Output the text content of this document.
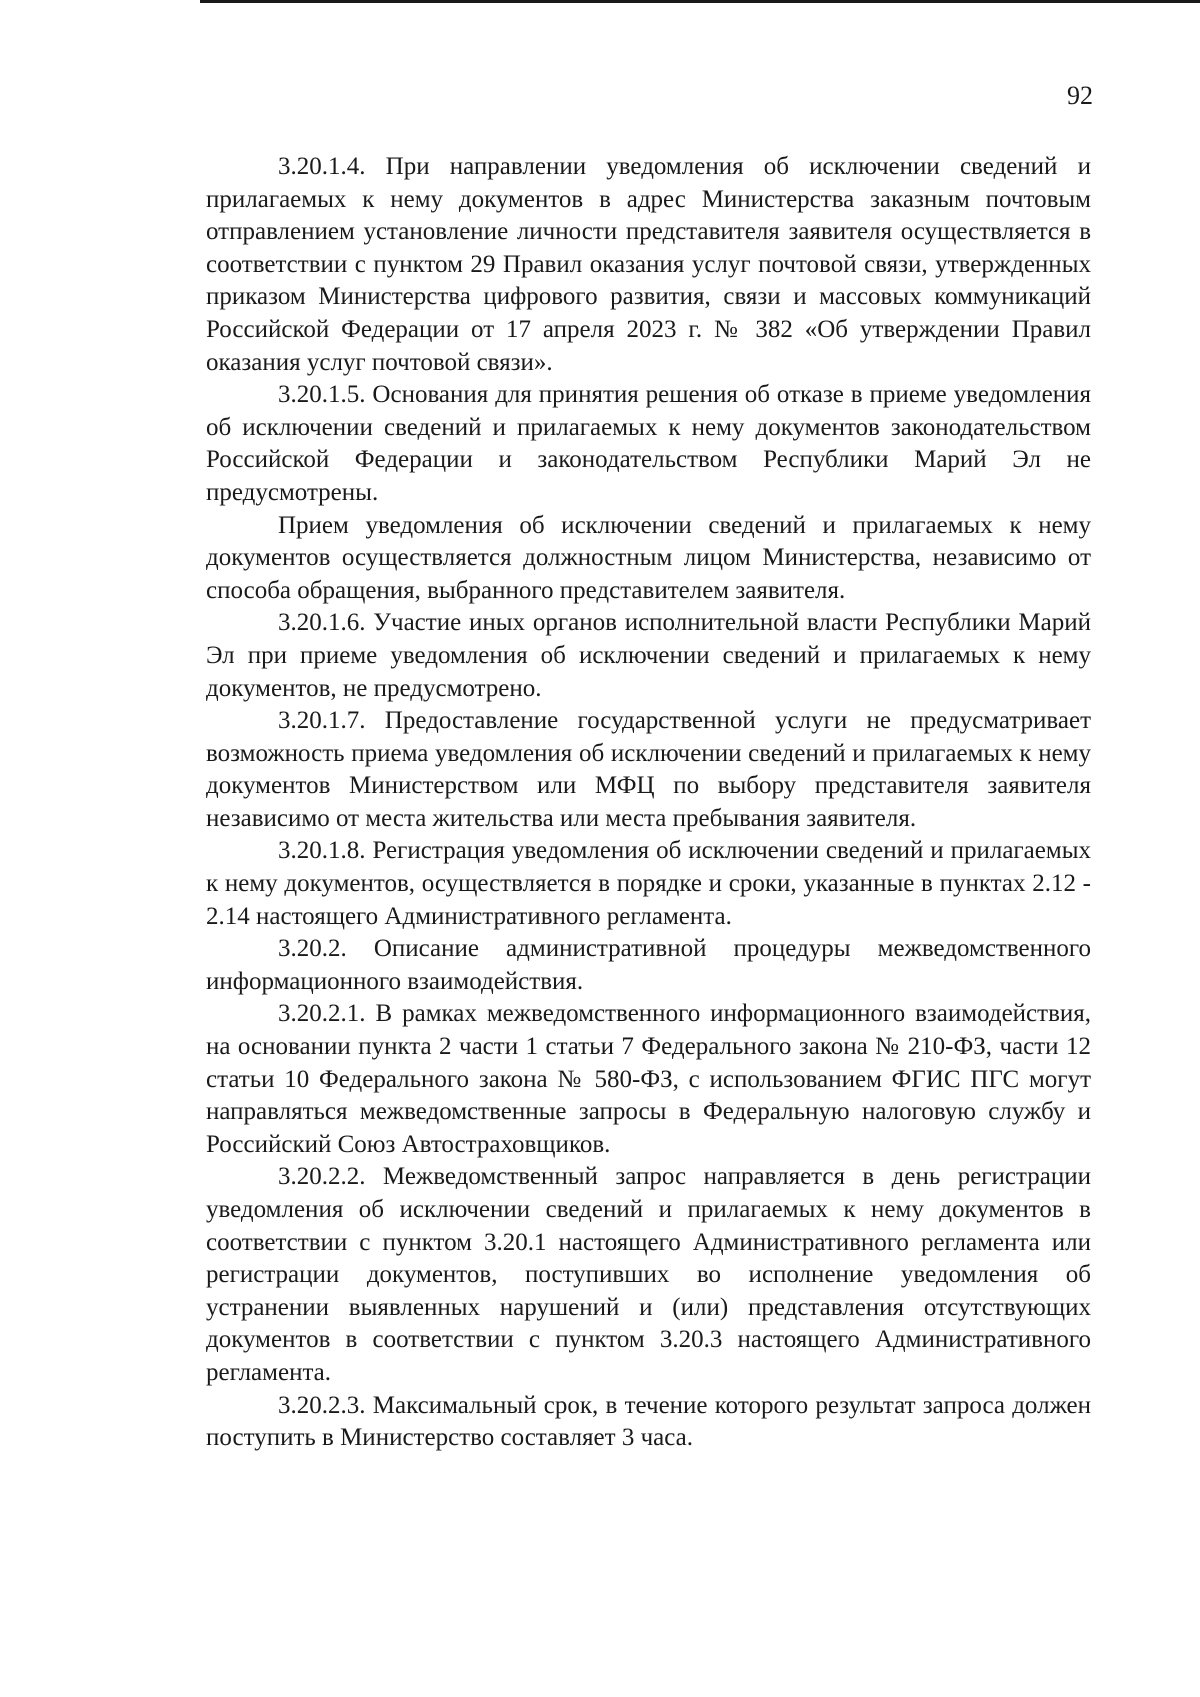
92

3.20.1.4. При направлении уведомления об исключении сведений и прилагаемых к нему документов в адрес Министерства заказным почтовым отправлением установление личности представителя заявителя осуществляется в соответствии с пунктом 29 Правил оказания услуг почтовой связи, утвержденных приказом Министерства цифрового развития, связи и массовых коммуникаций Российской Федерации от 17 апреля 2023 г. № 382 «Об утверждении Правил оказания услуг почтовой связи».

3.20.1.5. Основания для принятия решения об отказе в приеме уведомления об исключении сведений и прилагаемых к нему документов законодательством Российской Федерации и законодательством Республики Марий Эл не предусмотрены.

Прием уведомления об исключении сведений и прилагаемых к нему документов осуществляется должностным лицом Министерства, независимо от способа обращения, выбранного представителем заявителя.

3.20.1.6. Участие иных органов исполнительной власти Республики Марий Эл при приеме уведомления об исключении сведений и прилагаемых к нему документов, не предусмотрено.

3.20.1.7. Предоставление государственной услуги не предусматривает возможность приема уведомления об исключении сведений и прилагаемых к нему документов Министерством или МФЦ по выбору представителя заявителя независимо от места жительства или места пребывания заявителя.

3.20.1.8. Регистрация уведомления об исключении сведений и прилагаемых к нему документов, осуществляется в порядке и сроки, указанные в пунктах 2.12 - 2.14 настоящего Административного регламента.

3.20.2. Описание административной процедуры межведомственного информационного взаимодействия.

3.20.2.1. В рамках межведомственного информационного взаимодействия, на основании пункта 2 части 1 статьи 7 Федерального закона № 210-ФЗ, части 12 статьи 10 Федерального закона № 580-ФЗ, с использованием ФГИС ПГС могут направляться межведомственные запросы в Федеральную налоговую службу и Российский Союз Автостраховщиков.

3.20.2.2. Межведомственный запрос направляется в день регистрации уведомления об исключении сведений и прилагаемых к нему документов в соответствии с пунктом 3.20.1 настоящего Административного регламента или регистрации документов, поступивших во исполнение уведомления об устранении выявленных нарушений и (или) представления отсутствующих документов в соответствии с пунктом 3.20.3 настоящего Административного регламента.

3.20.2.3. Максимальный срок, в течение которого результат запроса должен поступить в Министерство составляет 3 часа.
